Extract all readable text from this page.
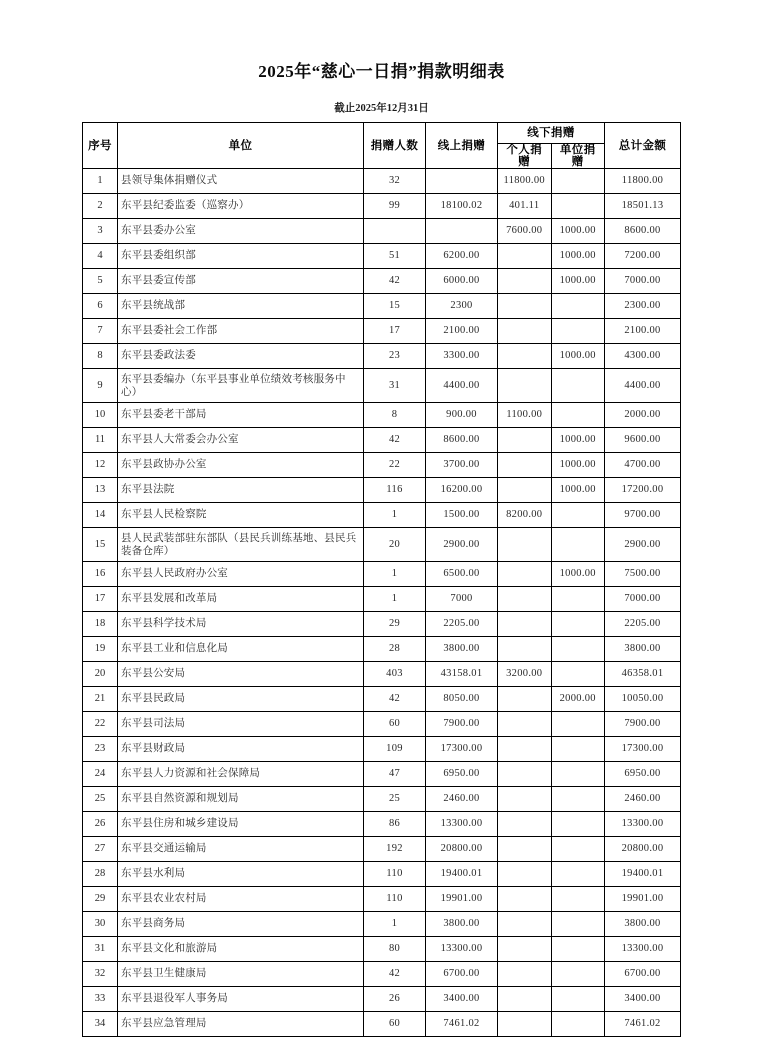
2025年“慈心一日捐”捐款明细表
截止2025年12月31日
序号	单位	捐赠人数	线上捐赠	线下捐赠		总计金额
				个人捐赠	单位捐赠	
1	县领导集体捐赠仪式	32		11800.00		11800.00
2	东平县纪委监委（巡察办）	99	18100.02	401.11		18501.13
3	东平县委办公室			7600.00	1000.00	8600.00
4	东平县委组织部	51	6200.00		1000.00	7200.00
5	东平县委宣传部	42	6000.00		1000.00	7000.00
6	东平县统战部	15	2300			2300.00
7	东平县委社会工作部	17	2100.00			2100.00
8	东平县委政法委	23	3300.00		1000.00	4300.00
9	东平县委编办（东平县事业单位绩效考核服务中心）	31	4400.00			4400.00
10	东平县委老干部局	8	900.00	1100.00		2000.00
11	东平县人大常委会办公室	42	8600.00		1000.00	9600.00
12	东平县政协办公室	22	3700.00		1000.00	4700.00
13	东平县法院	116	16200.00		1000.00	17200.00
14	东平县人民检察院	1	1500.00	8200.00		9700.00
15	县人民武装部驻东部队（县民兵训练基地、县民兵装备仓库）	20	2900.00			2900.00
16	东平县人民政府办公室	1	6500.00		1000.00	7500.00
17	东平县发展和改革局	1	7000			7000.00
18	东平县科学技术局	29	2205.00			2205.00
19	东平县工业和信息化局	28	3800.00			3800.00
20	东平县公安局	403	43158.01	3200.00		46358.01
21	东平县民政局	42	8050.00		2000.00	10050.00
22	东平县司法局	60	7900.00			7900.00
23	东平县财政局	109	17300.00			17300.00
24	东平县人力资源和社会保障局	47	6950.00			6950.00
25	东平县自然资源和规划局	25	2460.00			2460.00
26	东平县住房和城乡建设局	86	13300.00			13300.00
27	东平县交通运输局	192	20800.00			20800.00
28	东平县水利局	110	19400.01			19400.01
29	东平县农业农村局	110	19901.00			19901.00
30	东平县商务局	1	3800.00			3800.00
31	东平县文化和旅游局	80	13300.00			13300.00
32	东平县卫生健康局	42	6700.00			6700.00
33	东平县退役军人事务局	26	3400.00			3400.00
34	东平县应急管理局	60	7461.02			7461.02
